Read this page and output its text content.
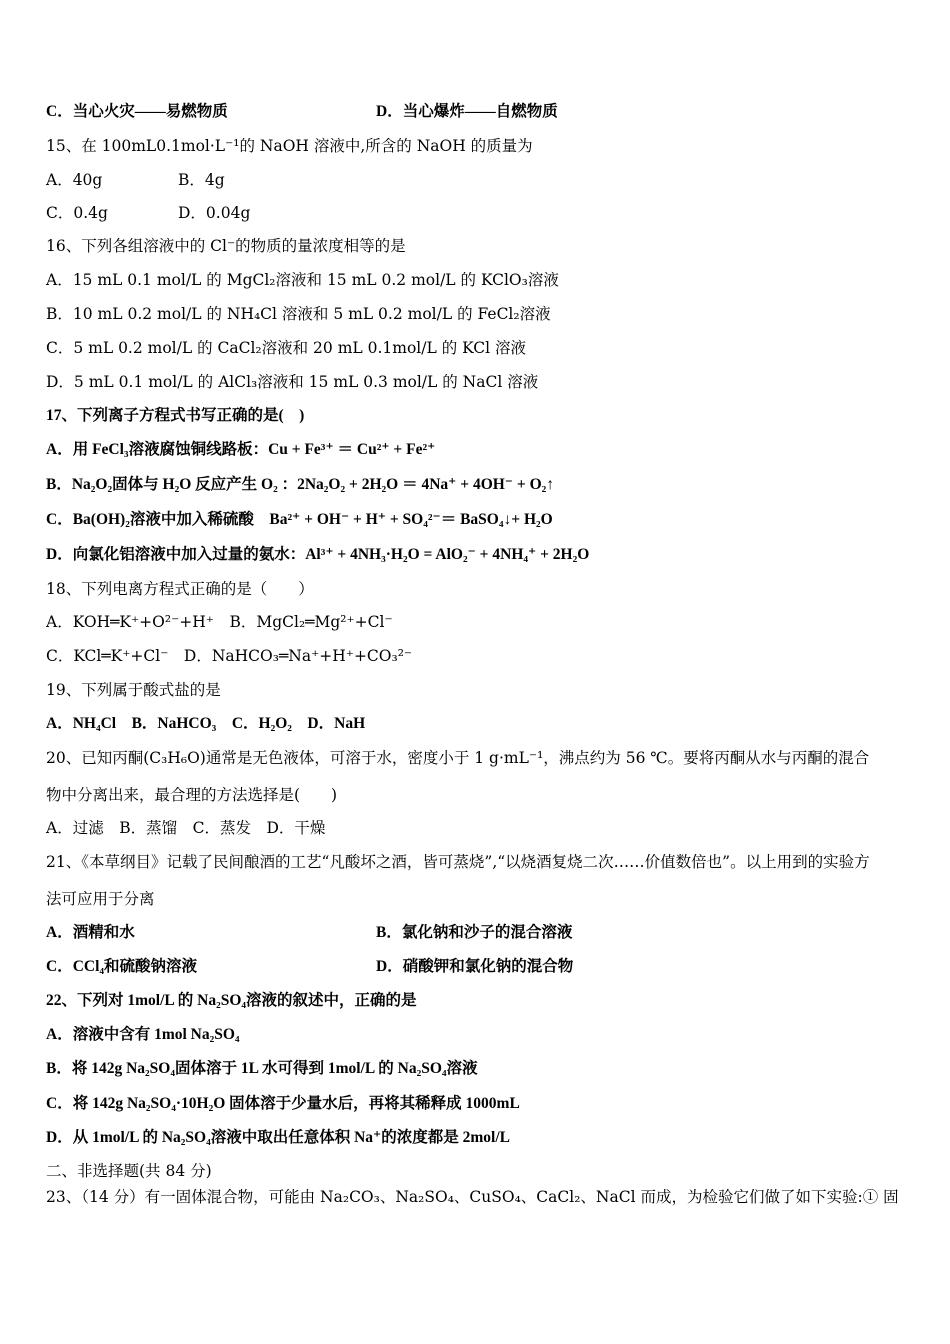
C．当心火灾——易燃物质	D．当心爆炸——自燃物质
15、在 100mL0.1mol·L⁻¹的 NaOH 溶液中,所含的 NaOH 的质量为
A．40g	B．4g
C．0.4g	D．0.04g
16、下列各组溶液中的 Cl⁻的物质的量浓度相等的是
A．15 mL 0.1 mol/L 的 MgCl₂溶液和 15 mL 0.2 mol/L 的 KClO₃溶液
B．10 mL 0.2 mol/L 的 NH₄Cl 溶液和 5 mL 0.2 mol/L 的 FeCl₂溶液
C．5 mL 0.2 mol/L 的 CaCl₂溶液和 20 mL 0.1mol/L 的 KCl 溶液
D．5 mL 0.1 mol/L 的 AlCl₃溶液和 15 mL 0.3 mol/L 的 NaCl 溶液
17、下列离子方程式书写正确的是(　)
A．用 FeCl₃溶液腐蚀铜线路板：Cu + Fe³⁺ ＝ Cu²⁺ + Fe²⁺
B．Na₂O₂固体与 H₂O 反应产生 O₂ ：2Na₂O₂ + 2H₂O ＝ 4Na⁺ + 4OH⁻ + O₂↑
C．Ba(OH)₂溶液中加入稀硫酸　Ba²⁺ + OH⁻ + H⁺ + SO₄²⁻＝ BaSO₄↓+ H₂O
D．向氯化铝溶液中加入过量的氨水：Al³⁺ + 4NH₃·H₂O = AlO₂⁻ + 4NH₄⁺ + 2H₂O
18、下列电离方程式正确的是（　　）
A．KOH═K⁺+O²⁻+H⁺　B．MgCl₂═Mg²⁺+Cl⁻
C．KCl═K⁺+Cl⁻　D．NaHCO₃═Na⁺+H⁺+CO₃²⁻
19、下列属于酸式盐的是
A．NH₄Cl　B．NaHCO₃　C．H₂O₂　D．NaH
20、已知丙酮(C₃H₆O)通常是无色液体，可溶于水，密度小于 1 g·mL⁻¹，沸点约为 56 ℃。要将丙酮从水与丙酮的混合
物中分离出来，最合理的方法选择是(　　)
A．过滤　B．蒸馏　C．蒸发　D．干燥
21、《本草纲目》记载了民间酿酒的工艺“凡酸坏之酒，皆可蒸烧”,“以烧酒复烧二次……价值数倍也”。以上用到的实验方
法可应用于分离
A．酒精和水	B．氯化钠和沙子的混合溶液
C．CCl₄和硫酸钠溶液	D．硝酸钾和氯化钠的混合物
22、下列对 1mol/L 的 Na₂SO₄溶液的叙述中，正确的是
A．溶液中含有 1mol Na₂SO₄
B．将 142g Na₂SO₄固体溶于 1L 水可得到 1mol/L 的 Na₂SO₄溶液
C．将 142g Na₂SO₄·10H₂O 固体溶于少量水后，再将其稀释成 1000mL
D．从 1mol/L 的 Na₂SO₄溶液中取出任意体积 Na⁺的浓度都是 2mol/L
二、非选择题(共 84 分)
23、（14 分）有一固体混合物，可能由 Na₂CO₃、Na₂SO₄、CuSO₄、CaCl₂、NaCl 而成，为检验它们做了如下实验:① 固
